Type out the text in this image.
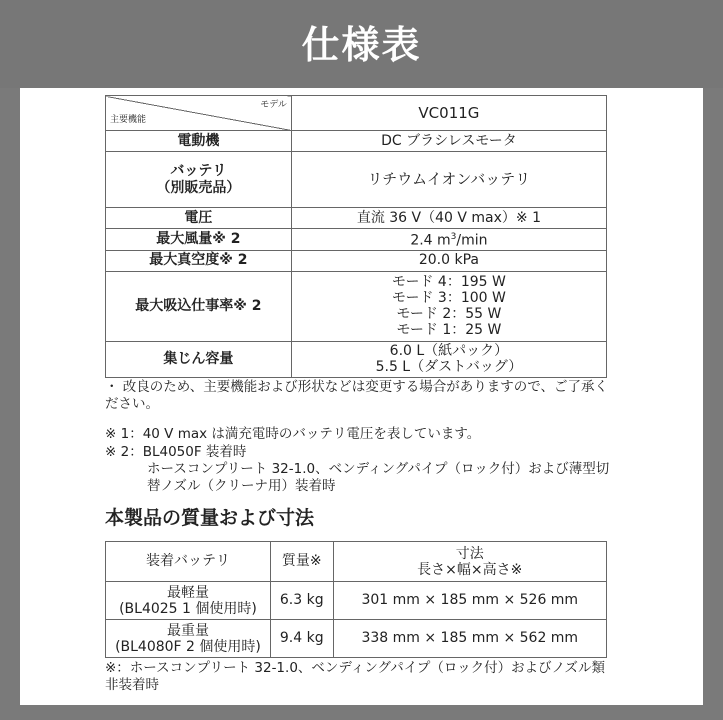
仕様表
モデル
主要機能	VC011G
電動機	DC ブラシレスモータ
バッテリ
（別販売品）	リチウムイオンバッテリ
電圧	直流 36 V（40 V max）※ 1
最大風量※ 2	2.4 $m^3/\min$
最大真空度※ 2	20.0 kPa
最大吸込仕事率※ 2	モード 4：195 W
モード 3：100 W
モード 2：55 W
モード 1：25 W

集じん容量	6.0 L（紙パック）
5.5 L（ダストバッグ）
・ 改良のため、主要機能および形状などは変更する場合がありますので、ご了承ください。
※ 1：40 V max は満充電時のバッテリ電圧を表しています。
※ 2：BL4050F 装着時
ホースコンプリート 32-1.0、ベンディングパイプ（ロック付）および薄型切替ノズル（クリーナ用）装着時
本製品の質量および寸法
装着バッテリ	質量※	寸法
長さ×幅×高さ※

最軽量
(BL4025 1 個使用時)	6.3 kg	301 mm × 185 mm × 526 mm

最重量
(BL4080F 2 個使用時)	9.4 kg	338 mm × 185 mm × 562 mm
※：ホースコンプリート 32-1.0、ベンディングパイプ（ロック付）およびノズル類非装着時
